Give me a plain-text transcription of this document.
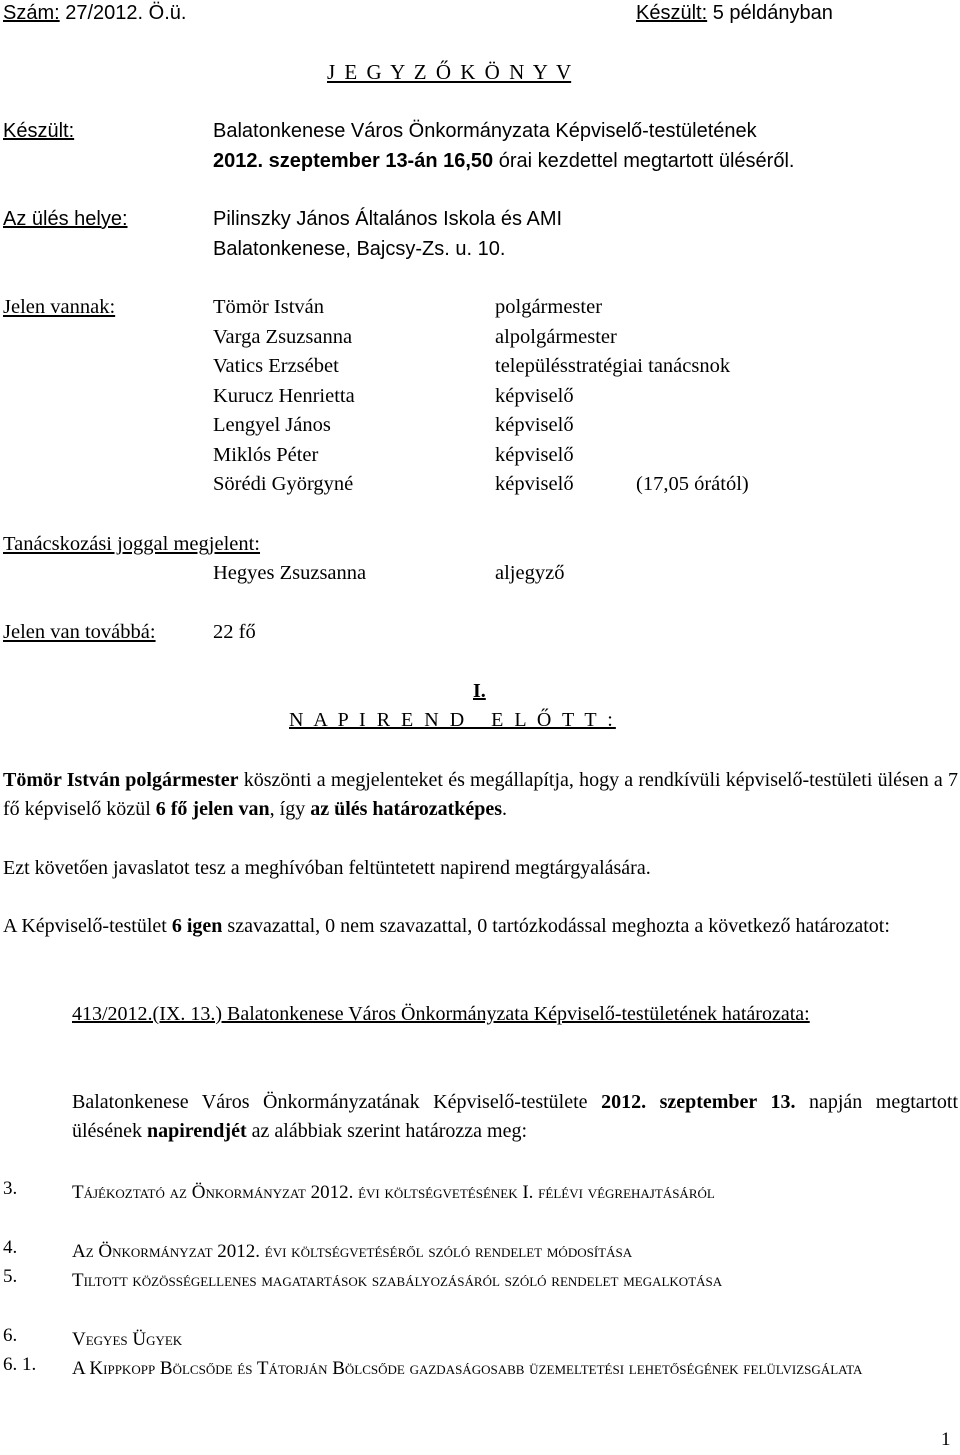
Szám: 27/2012. Ö.ü.	Készült: 5 példányban
J E G Y Z Ő K Ö N Y V
Készült:	Balatonkenese Város Önkormányzata Képviselő-testületének
2012. szeptember 13-án 16,50 órai kezdettel megtartott üléséről.
Az ülés helye:	Pilinszky János Általános Iskola és AMI
Balatonkenese, Bajcsy-Zs. u. 10.
Jelen vannak:	Tömör István	polgármester
Varga Zsuzsanna	alpolgármester
Vatics Erzsébet	településstratégiai tanácsnok
Kurucz Henrietta	képviselő
Lengyel János	képviselő
Miklós Péter	képviselő
Sörédi Györgyné	képviselő	(17,05 órától)
Tanácskozási joggal megjelent:
Hegyes Zsuzsanna	aljegyző
Jelen van továbbá:	22 fő
I.
N A P I R E N D   E L Ő T T :
Tömör István polgármester köszönti a megjelenteket és megállapítja, hogy a rendkívüli képviselő-testületi ülésen a 7 fő képviselő közül 6 fő jelen van, így az ülés határozatképes.
Ezt követően javaslatot tesz a meghívóban feltüntetett napirend megtárgyalására.
A Képviselő-testület 6 igen szavazattal, 0 nem szavazattal, 0 tartózkodással meghozta a következő határozatot:
413/2012.(IX. 13.) Balatonkenese Város Önkormányzata Képviselő-testületének határozata:
Balatonkenese Város Önkormányzatának Képviselő-testülete 2012. szeptember 13. napján megtartott ülésének napirendjét az alábbiak szerint határozza meg:
3.	Tájékoztató az Önkormányzat 2012. évi költségvetésének I. félévi végrehajtásáról
4.	Az Önkormányzat 2012. évi költségvetéséről szóló rendelet módosítása
5.	Tiltott közösségellenes magatartások szabályozásáról szóló rendelet megalkotása
6.	Vegyes Ügyek
6. 1. A Kippkopp Bölcsőde és Tátorján Bölcsőde gazdaságosabb üzemeltetési lehetőségének felülvizsgálata
1
